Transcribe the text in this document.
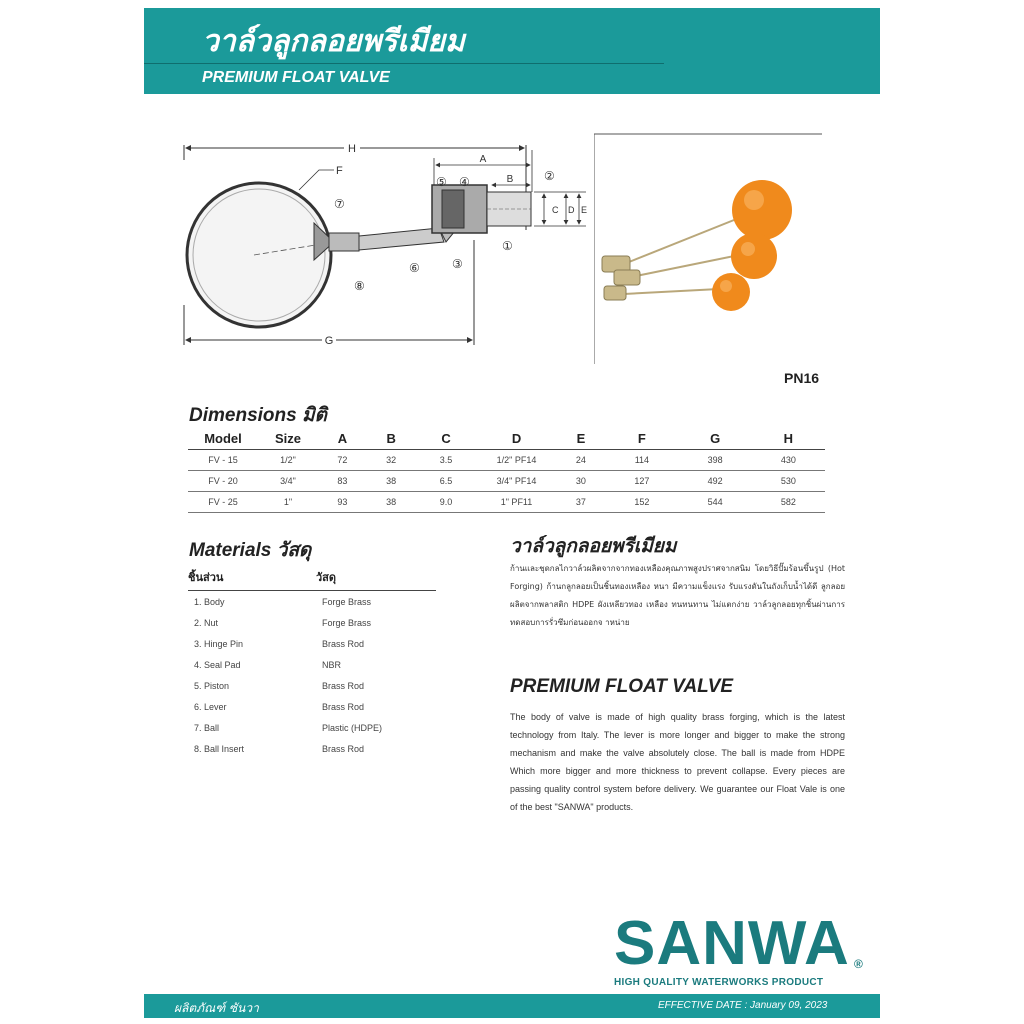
วาล์วลูกลอยพรีเมียม
PREMIUM FLOAT VALVE
H
A
B
C D E
F
G
①
②
③
④
⑤
⑥
⑦
⑧
PN16
Dimensions มิติ
Model	Size	A	B	C	D	E	F	G	H
FV - 15	1/2"	72	32	3.5	1/2" PF14	24	114	398	430
FV - 20	3/4"	83	38	6.5	3/4" PF14	30	127	492	530
FV - 25	1"	93	38	9.0	1" PF11	37	152	544	582
Materials วัสดุ
ชิ้นส่วน	วัสดุ
1. Body	Forge Brass
2. Nut	Forge Brass
3. Hinge Pin	Brass Rod
4. Seal Pad	NBR
5. Piston	Brass Rod
6. Lever	Brass Rod
7. Ball	Plastic (HDPE)
8. Ball Insert	Brass Rod
วาล์วลูกลอยพรีเมียม
ก้านและชุดกลไกวาล์วผลิตจากจากทองเหลืองคุณภาพสูงปราศจากสนิม โดยวิธีปั๊มร้อนขึ้นรูป (Hot Forging) ก้านกลูกลอยเป็นชิ้นทองเหลือง หนา มีความแข็งแรง รับแรงดันในถังเก็บน้ำได้ดี ลูกลอยผลิตจากพลาสติก HDPE ผังเหลียวทอง เหลือง ทนทนทาน ไม่แตกง่าย วาล์วลูกลอยทุกชิ้นผ่านการทดสอบการรั่วซึมก่อนออกจ าหน่าย
PREMIUM FLOAT VALVE
The body of valve is made of high quality brass forging, which is the latest technology from Italy. The lever is more longer and bigger to make the strong mechanism and make the valve absolutely close. The ball is made from HDPE Which more bigger and more thickness to prevent collapse. Every pieces are passing quality control system before delivery. We guarantee our Float Vale is one of the best "SANWA" products.
SANWA ®
HIGH QUALITY WATERWORKS PRODUCT
ผลิตภัณฑ์ ซันวา	EFFECTIVE DATE : January 09, 2023
